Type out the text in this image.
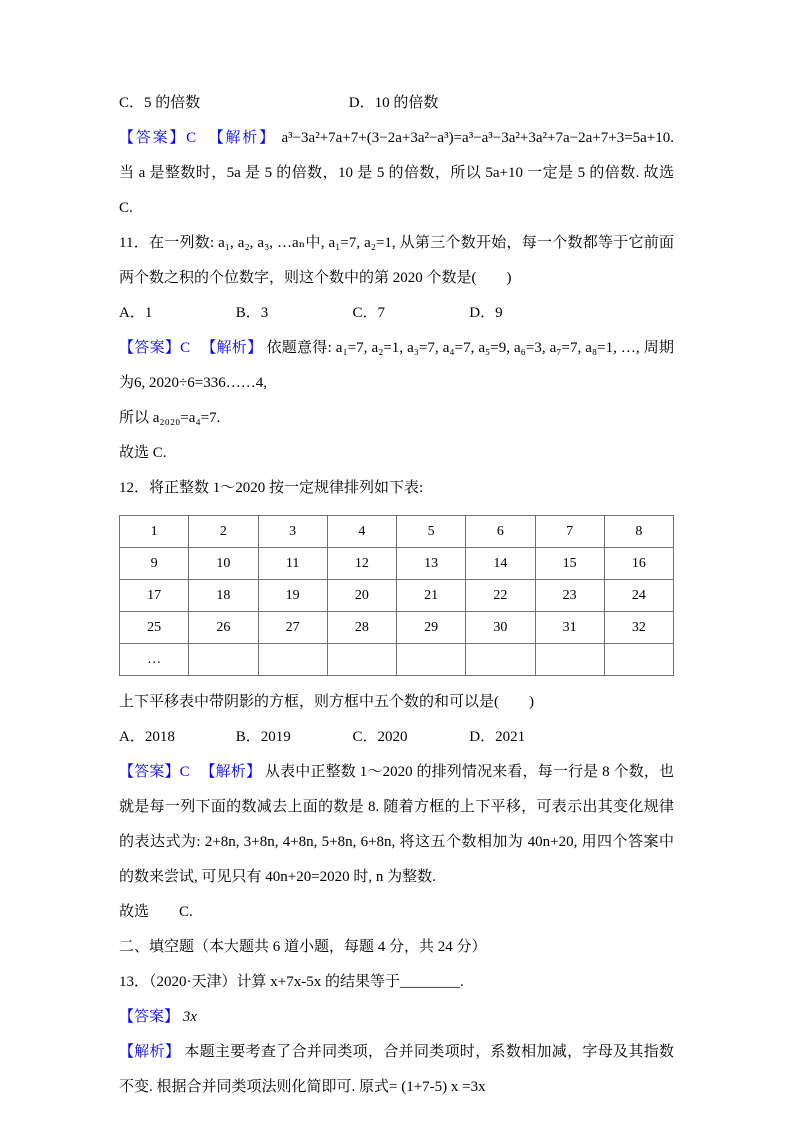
C．5 的倍数	D．10 的倍数

【答案】C 【解析】 a³−3a²+7a+7+(3−2a+3a²−a³)=a³−a³−3a²+3a²+7a−2a+7+3=5a+10. 当 a 是整数时，5a 是 5 的倍数，10 是 5 的倍数，所以 5a+10 一定是 5 的倍数. 故选 C.

11．在一列数: a₁, a₂, a₃, …aₙ中, a₁=7, a₂=1, 从第三个数开始，每一个数都等于它前面两个数之积的个位数字，则这个数中的第 2020 个数是(　　)

A．1	B．3	C．7	D．9

【答案】C 【解析】 依题意得: a₁=7, a₂=1, a₃=7, a₄=7, a₅=9, a₆=3, a₇=7, a₈=1, …, 周期为6, 2020÷6=336……4,

所以 a₂₀₂₀=a₄=7.

故选 C.

12．将正整数 1～2020 按一定规律排列如下表:

1	2	3	4	5	6	7	8
9	10	11	12	13	14	15	16
17	18	19	20	21	22	23	24
25	26	27	28	29	30	31	32
…							

上下平移表中带阴影的方框，则方框中五个数的和可以是(　　)

A．2018	B．2019	C．2020	D．2021

【答案】C 【解析】 从表中正整数 1～2020 的排列情况来看，每一行是 8 个数，也就是每一列下面的数减去上面的数是 8. 随着方框的上下平移，可表示出其变化规律的表达式为: 2+8n, 3+8n, 4+8n, 5+8n, 6+8n, 将这五个数相加为 40n+20, 用四个答案中的数来尝试, 可见只有 40n+20=2020 时, n 为整数.

故选　　C.

二、填空题（本大题共 6 道小题，每题 4 分，共 24 分）

13．（2020·天津）计算 x+7x-5x 的结果等于________.

【答案】 3x

【解析】 本题主要考查了合并同类项，合并同类项时，系数相加减，字母及其指数不变. 根据合并同类项法则化简即可. 原式= (1+7-5) x =3x
